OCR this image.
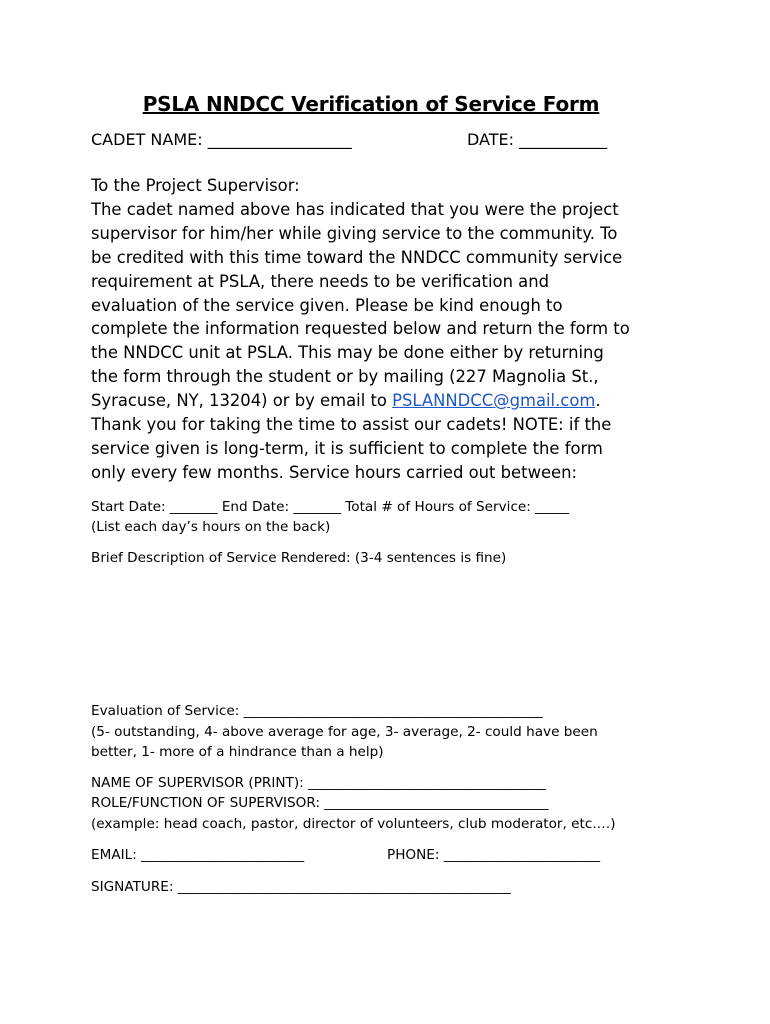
PSLA NNDCC Verification of Service Form
CADET NAME: __________________	DATE: ___________
To the Project Supervisor:
The cadet named above has indicated that you were the project
supervisor for him/her while giving service to the community. To
be credited with this time toward the NNDCC community service
requirement at PSLA, there needs to be verification and
evaluation of the service given. Please be kind enough to
complete the information requested below and return the form to
the NNDCC unit at PSLA. This may be done either by returning
the form through the student or by mailing (227 Magnolia St.,
Syracuse, NY, 13204) or by email to PSLANNDCC@gmail.com.
Thank you for taking the time to assist our cadets! NOTE: if the
service given is long-term, it is sufficient to complete the form
only every few months. Service hours carried out between:
Start Date: _______ End Date: _______ Total # of Hours of Service: _____
(List each day’s hours on the back)
Brief Description of Service Rendered: (3-4 sentences is fine)
Evaluation of Service: ____________________________________________
(5- outstanding, 4- above average for age, 3- average, 2- could have been
better, 1- more of a hindrance than a help)
NAME OF SUPERVISOR (PRINT): ___________________________________
ROLE/FUNCTION OF SUPERVISOR: _________________________________
(example: head coach, pastor, director of volunteers, club moderator, etc.…)
EMAIL: ________________________	PHONE: _______________________
SIGNATURE: _________________________________________________
